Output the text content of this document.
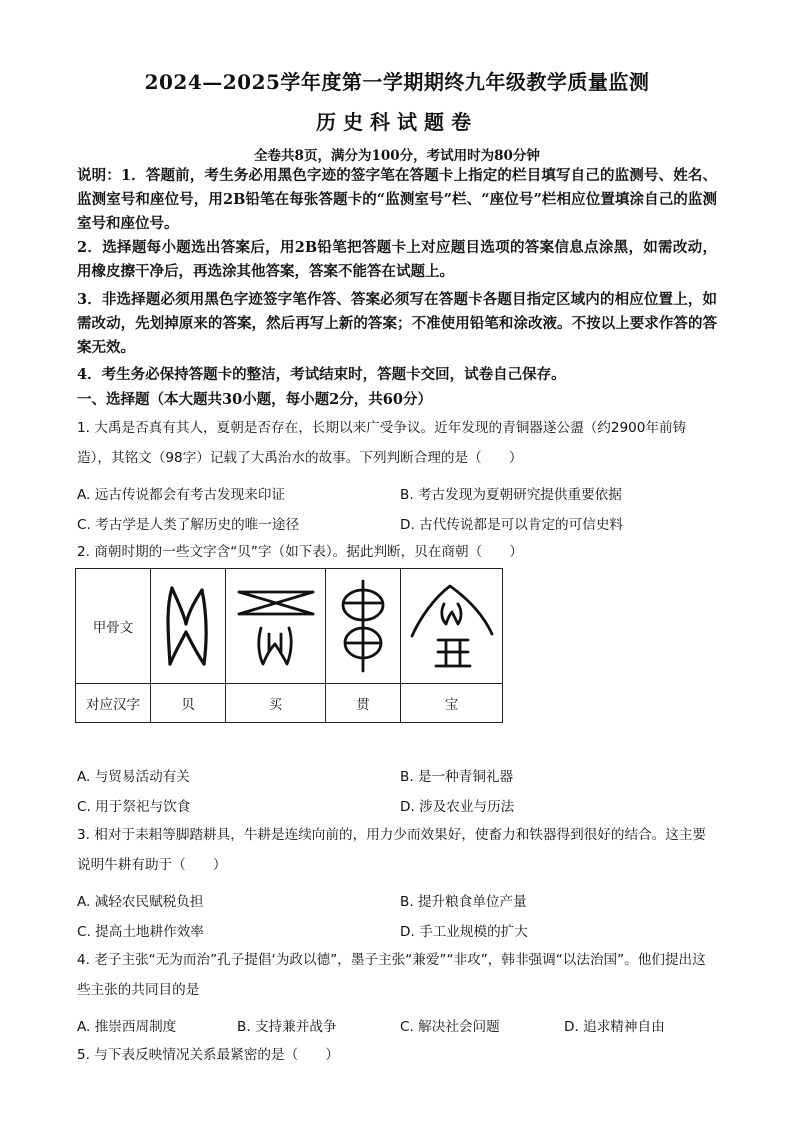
2024—2025学年度第一学期期终九年级教学质量监测
历史科试题卷
全卷共8页，满分为100分，考试用时为80分钟

说明：1．答题前，考生务必用黑色字迹的签字笔在答题卡上指定的栏目填写自己的监测号、姓名、监测室号和座位号，用2B铅笔在每张答题卡的“监测室号”栏、“座位号”栏相应位置填涂自己的监测室号和座位号。

2．选择题每小题选出答案后，用2B铅笔把答题卡上对应题目选项的答案信息点涂黑，如需改动，用橡皮擦干净后，再选涂其他答案，答案不能答在试题上。

3．非选择题必须用黑色字迹签字笔作答、答案必须写在答题卡各题目指定区域内的相应位置上，如需改动，先划掉原来的答案，然后再写上新的答案；不准使用铅笔和涂改液。不按以上要求作答的答案无效。

4．考生务必保持答题卡的整洁，考试结束时，答题卡交回，试卷自己保存。

一、选择题（本大题共30小题，每小题2分，共60分）

1. 大禹是否真有其人，夏朝是否存在，长期以来广受争议。近年发现的青铜器遂公盨（约2900年前铸造），其铭文（98字）记载了大禹治水的故事。下列判断合理的是（　　）

A. 远古传说都会有考古发现来印证	B. 考古发现为夏朝研究提供重要依据
C. 考古学是人类了解历史的唯一途径	D. 古代传说都是可以肯定的可信史料

2. 商朝时期的一些文字含“贝”字（如下表）。据此判断，贝在商朝（　　）

甲骨文	

对应汉字	贝	买	贯	宝
A. 与贸易活动有关	B. 是一种青铜礼器
C. 用于祭祀与饮食	D. 涉及农业与历法

3. 相对于耒耜等脚踏耕具，牛耕是连续向前的，用力少而效果好，使畜力和铁器得到很好的结合。这主要说明牛耕有助于（　　）

A. 减轻农民赋税负担	B. 提升粮食单位产量
C. 提高土地耕作效率	D. 手工业规模的扩大

4. 老子主张“无为而治”孔子提倡‘为政以德”，墨子主张“兼爱”“非攻”，韩非强调“以法治国”。他们提出这些主张的共同目的是

A. 推崇西周制度	B. 支持兼并战争	C. 解决社会问题	D. 追求精神自由

5. 与下表反映情况关系最紧密的是（　　）
